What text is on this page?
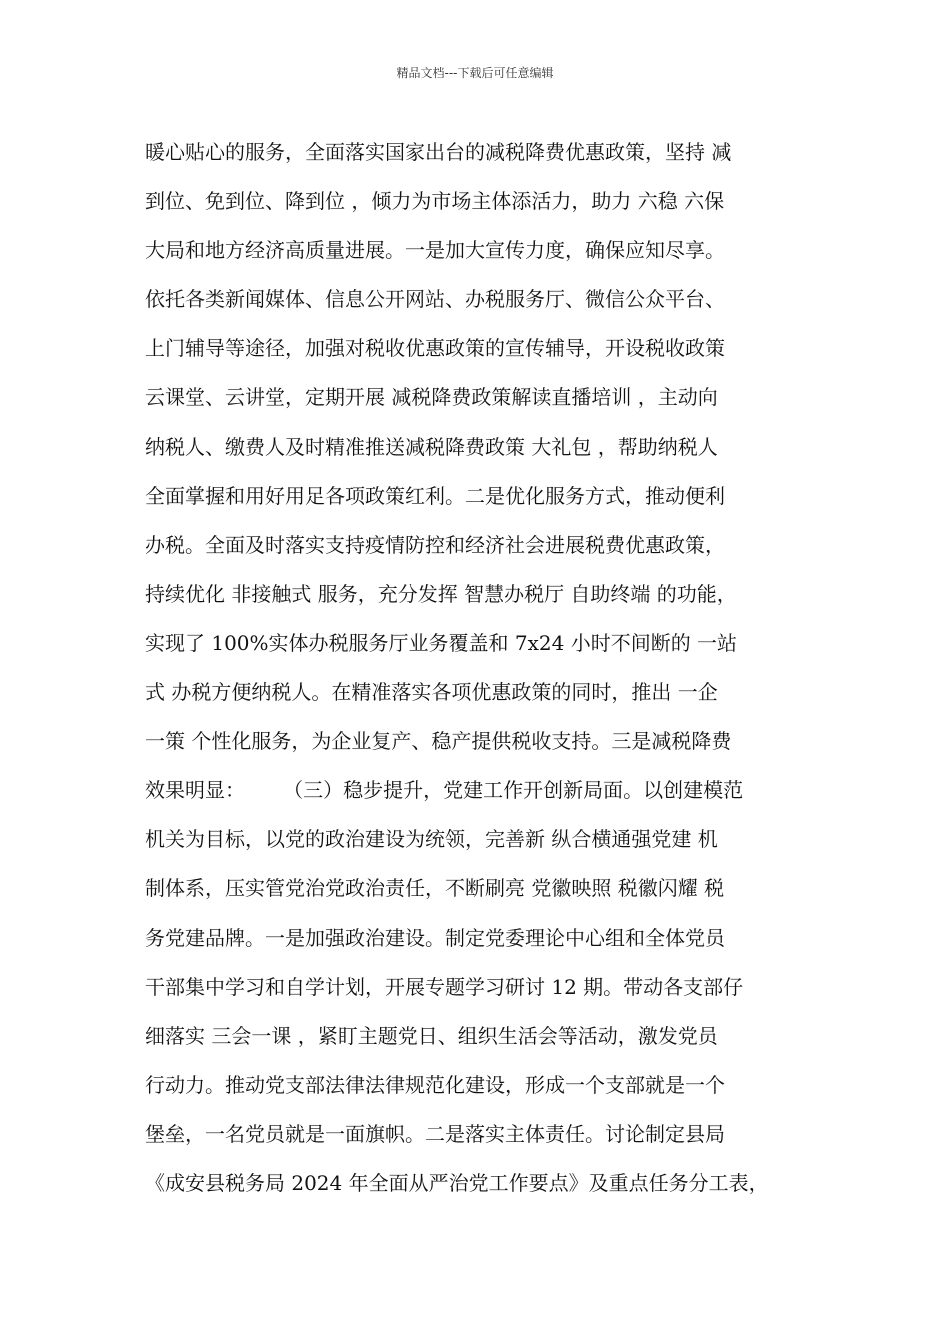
精品文档---下载后可任意编辑
暖心贴心的服务，全面落实国家出台的减税降费优惠政策，坚持 减
到位、免到位、降到位 ，倾力为市场主体添活力，助力 六稳 六保
大局和地方经济高质量进展。一是加大宣传力度，确保应知尽享。
依托各类新闻媒体、信息公开网站、办税服务厅、微信公众平台、
上门辅导等途径，加强对税收优惠政策的宣传辅导，开设税收政策
云课堂、云讲堂，定期开展 减税降费政策解读直播培训 ，主动向
纳税人、缴费人及时精准推送减税降费政策 大礼包 ，帮助纳税人
全面掌握和用好用足各项政策红利。二是优化服务方式，推动便利
办税。全面及时落实支持疫情防控和经济社会进展税费优惠政策，
持续优化 非接触式 服务，充分发挥 智慧办税厅 自助终端 的功能，
实现了 100%实体办税服务厅业务覆盖和 7x24 小时不间断的 一站
式 办税方便纳税人。在精准落实各项优惠政策的同时，推出 一企
一策 个性化服务，为企业复产、稳产提供税收支持。三是减税降费
效果明显：      （三）稳步提升，党建工作开创新局面。以创建模范
机关为目标，以党的政治建设为统领，完善新 纵合横通强党建 机
制体系，压实管党治党政治责任，不断刷亮 党徽映照 税徽闪耀 税
务党建品牌。一是加强政治建设。制定党委理论中心组和全体党员
干部集中学习和自学计划，开展专题学习研讨 12 期。带动各支部仔
细落实 三会一课 ，紧盯主题党日、组织生活会等活动，激发党员
行动力。推动党支部法律法律规范化建设，形成一个支部就是一个
堡垒，一名党员就是一面旗帜。二是落实主体责任。讨论制定县局
《成安县税务局 2024 年全面从严治党工作要点》及重点任务分工表，
